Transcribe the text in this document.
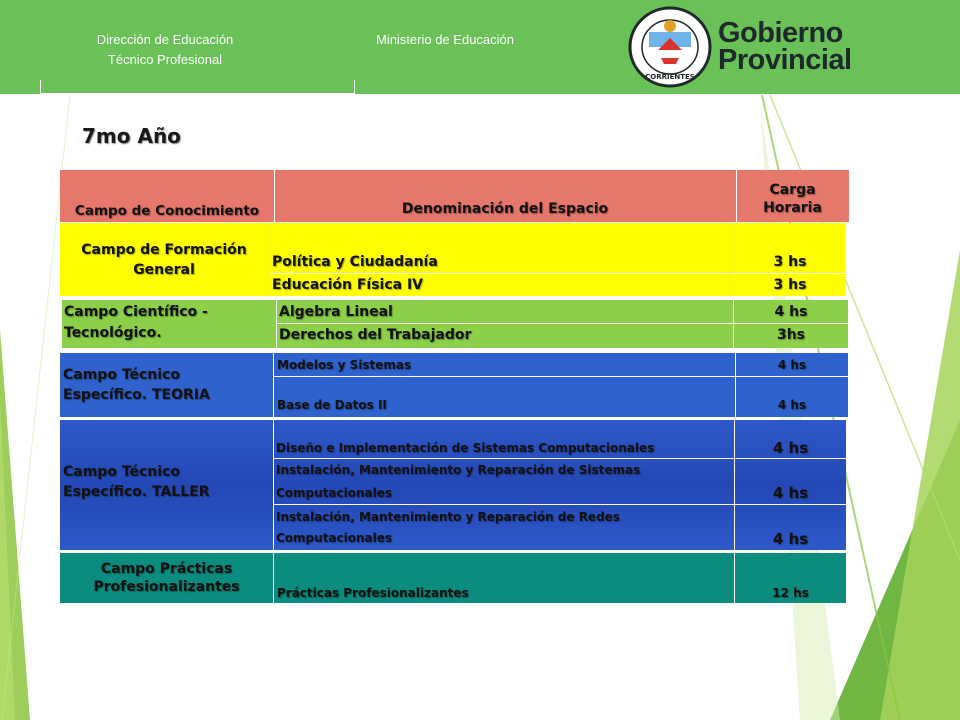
Dirección de Educación
Técnico Profesional
Ministerio de Educación
CORRIENTES
Gobierno
Provincial
7mo Año
Campo de Conocimiento	Denominación del Espacio
Carga
Horaria
Campo de Formación General	Política y Ciudadanía	3 hs
Educación Física IV	3 hs
Campo Científico -
Tecnológico.
Algebra Lineal	4 hs
Derechos del Trabajador	3hs
Campo Técnico
Específico. TEORIA
Modelos y Sistemas	4 hs
Base de Datos II	4 hs
Campo Técnico
Específico. TALLER
Diseño e Implementación de Sistemas Computacionales	4 hs
Instalación, Mantenimiento y Reparación de Sistemas
Computacionales	4 hs
Instalación, Mantenimiento y Reparación de Redes
Computacionales	4 hs
Campo Prácticas
Profesionalizantes	Prácticas Profesionalizantes	12 hs
